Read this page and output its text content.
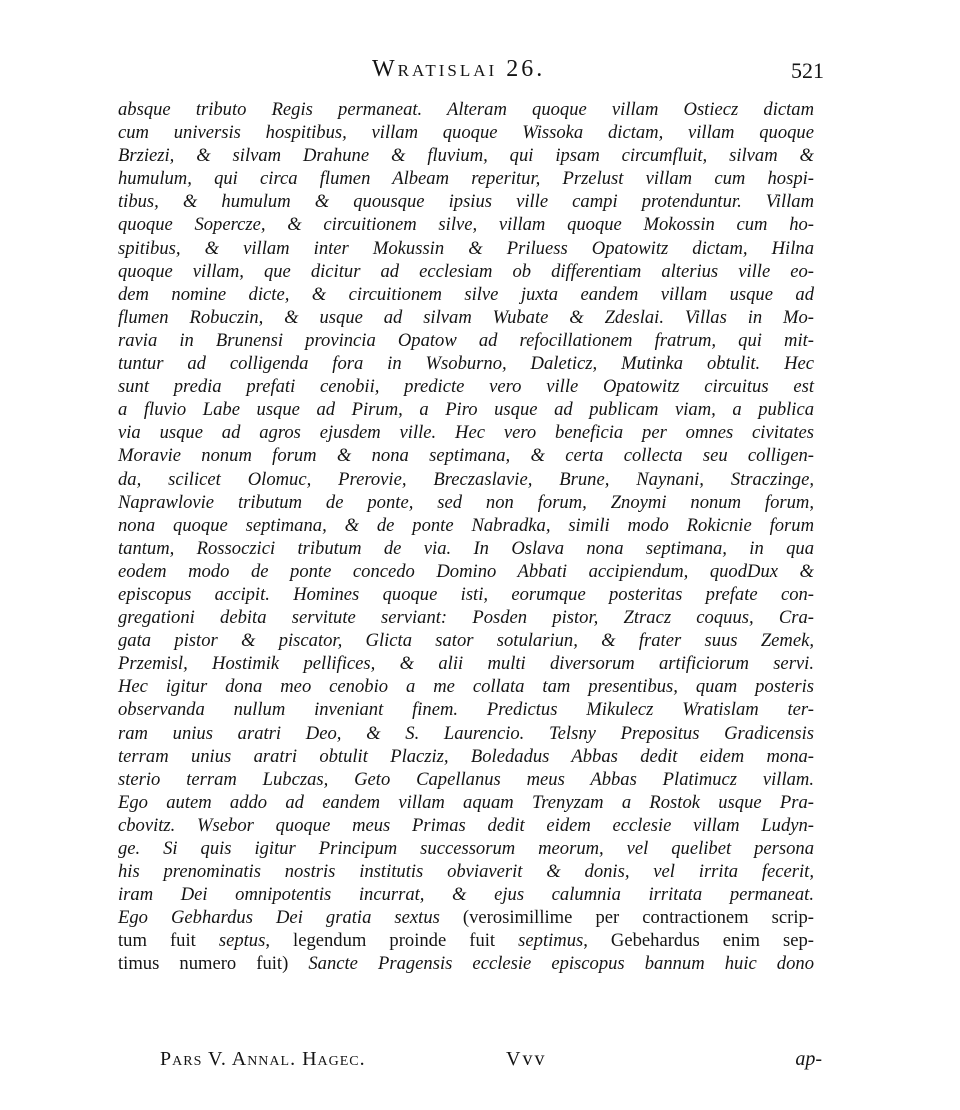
Wratislai 26.	521
absque tributo Regis permaneat. Alteram quoque villam Ostiecz dictam
cum universis hospitibus, villam quoque Wissoka dictam, villam quoque
Brziezi, & silvam Drahune & fluvium, qui ipsam circumfluit, silvam &
humulum, qui circa flumen Albeam reperitur, Przelust villam cum hospi-
tibus, & humulum & quousque ipsius ville campi protenduntur. Villam
quoque Sopercze, & circuitionem silve, villam quoque Mokossin cum ho-
spitibus, & villam inter Mokussin & Priluess Opatowitz dictam, Hilna
quoque villam, que dicitur ad ecclesiam ob differentiam alterius ville eo-
dem nomine dicte, & circuitionem silve juxta eandem villam usque ad
flumen Robuczin, & usque ad silvam Wubate & Zdeslai. Villas in Mo-
ravia in Brunensi provincia Opatow ad refocillationem fratrum, qui mit-
tuntur ad colligenda fora in Wsoburno, Daleticz, Mutinka obtulit. Hec
sunt predia prefati cenobii, predicte vero ville Opatowitz circuitus est
a fluvio Labe usque ad Pirum, a Piro usque ad publicam viam, a publica
via usque ad agros ejusdem ville. Hec vero beneficia per omnes civitates
Moravie nonum forum & nona septimana, & certa collecta seu colligen-
da, scilicet Olomuc, Prerovie, Breczaslavie, Brune, Naynani, Straczinge,
Naprawlovie tributum de ponte, sed non forum, Znoymi nonum forum,
nona quoque septimana, & de ponte Nabradka, simili modo Rokicnie forum
tantum, Rossoczici tributum de via. In Oslava nona septimana, in qua
eodem modo de ponte concedo Domino Abbati accipiendum, quodDux &
episcopus accipit. Homines quoque isti, eorumque posteritas prefate con-
gregationi debita servitute serviant: Posden pistor, Ztracz coquus, Cra-
gata pistor & piscator, Glicta sator sotulariun, & frater suus Zemek,
Przemisl, Hostimik pellifices, & alii multi diversorum artificiorum servi.
Hec igitur dona meo cenobio a me collata tam presentibus, quam posteris
observanda nullum inveniant finem. Predictus Mikulecz Wratislam ter-
ram unius aratri Deo, & S. Laurencio. Telsny Prepositus Gradicensis
terram unius aratri obtulit Placziz, Boledadus Abbas dedit eidem mona-
sterio terram Lubczas, Geto Capellanus meus Abbas Platimucz villam.
Ego autem addo ad eandem villam aquam Trenyzam a Rostok usque Pra-
cbovitz. Wsebor quoque meus Primas dedit eidem ecclesie villam Ludyn-
ge. Si quis igitur Principum successorum meorum, vel quelibet persona
his prenominatis nostris institutis obviaverit & donis, vel irrita fecerit,
iram Dei omnipotentis incurrat, & ejus calumnia irritata permaneat.
Ego Gebhardus Dei gratia sextus (verosimillime per contractionem scrip-
tum fuit septus, legendum proinde fuit septimus, Gebehardus enim sep-
timus numero fuit) Sancte Pragensis ecclesie episcopus bannum huic dono
Pars V. Annal. Hagec.	Vvv	ap-
